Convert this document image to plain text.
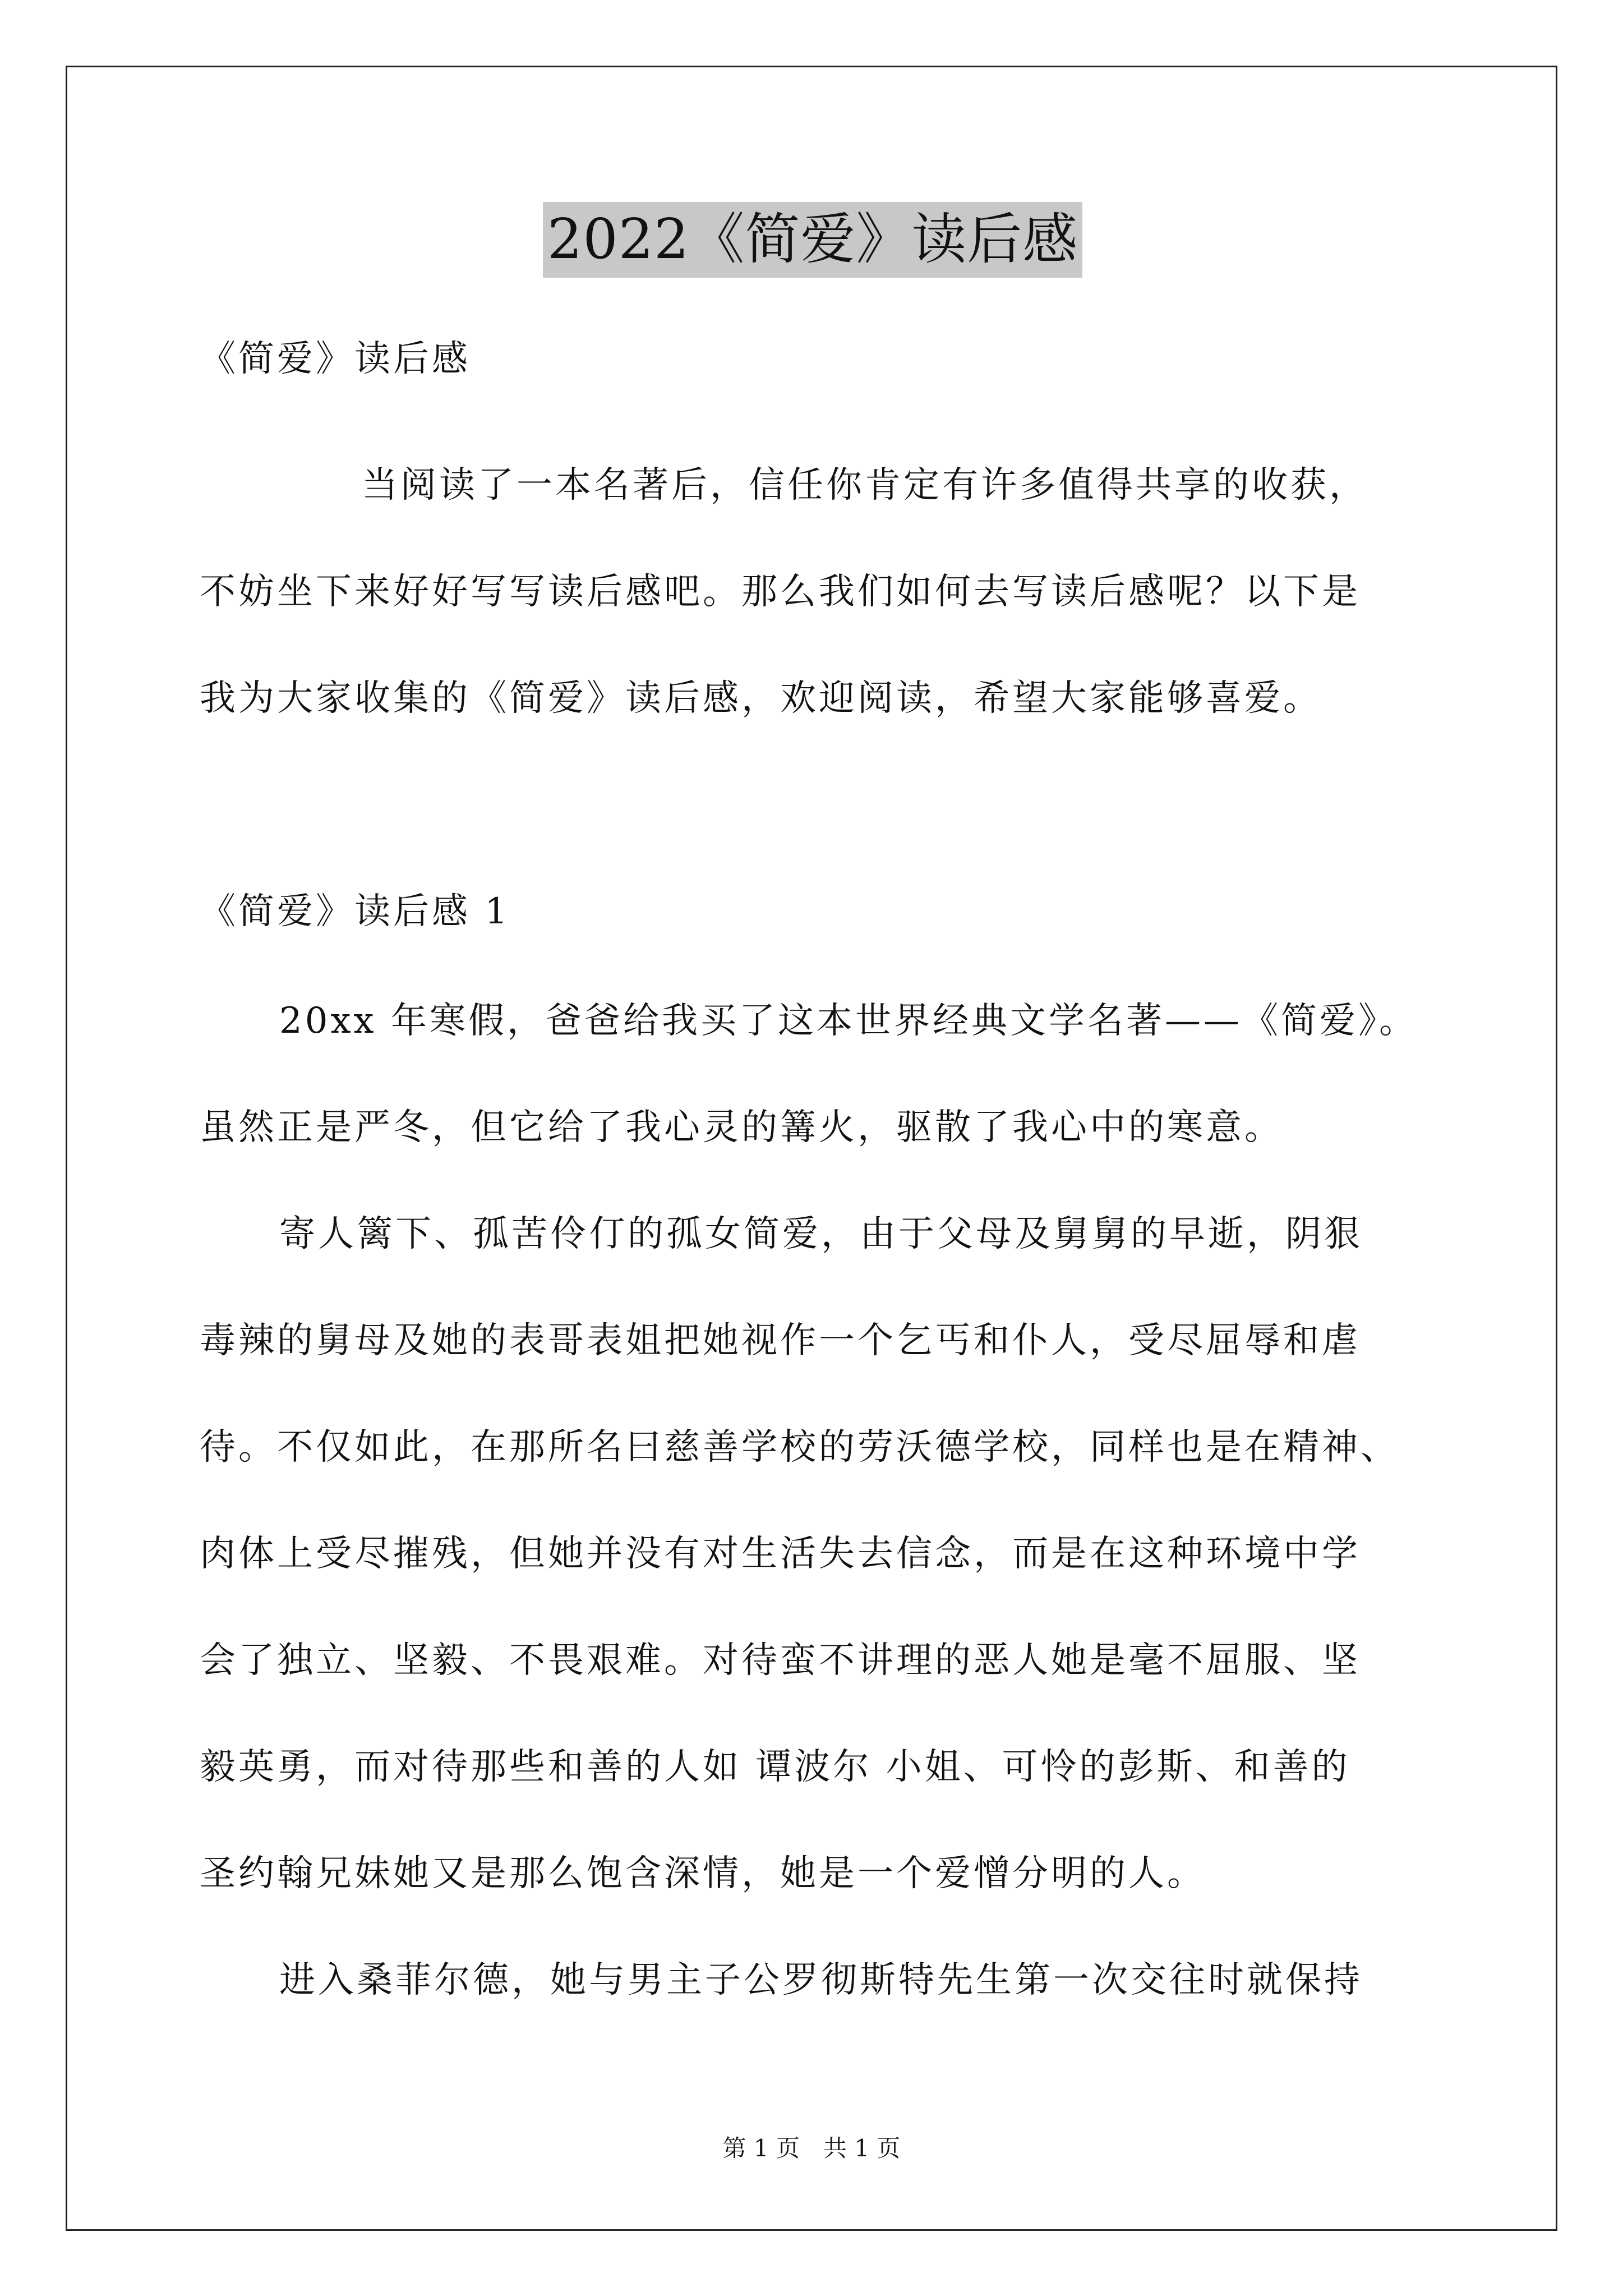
2022《简爱》读后感
《简爱》读后感
当阅读了一本名著后，信任你肯定有许多值得共享的收获，
不妨坐下来好好写写读后感吧。那么我们如何去写读后感呢？以下是
我为大家收集的《简爱》读后感，欢迎阅读，希望大家能够喜爱。
《简爱》读后感 1
20xx 年寒假，爸爸给我买了这本世界经典文学名著——《简爱》。
虽然正是严冬，但它给了我心灵的篝火，驱散了我心中的寒意。
寄人篱下、孤苦伶仃的孤女简爱，由于父母及舅舅的早逝，阴狠
毒辣的舅母及她的表哥表姐把她视作一个乞丐和仆人，受尽屈辱和虐
待。不仅如此，在那所名曰慈善学校的劳沃德学校，同样也是在精神、
肉体上受尽摧残，但她并没有对生活失去信念，而是在这种环境中学
会了独立、坚毅、不畏艰难。对待蛮不讲理的恶人她是毫不屈服、坚
毅英勇，而对待那些和善的人如 谭波尔 小姐、可怜的彭斯、和善的
圣约翰兄妹她又是那么饱含深情，她是一个爱憎分明的人。
进入桑菲尔德，她与男主子公罗彻斯特先生第一次交往时就保持
第 1 页　共 1 页
